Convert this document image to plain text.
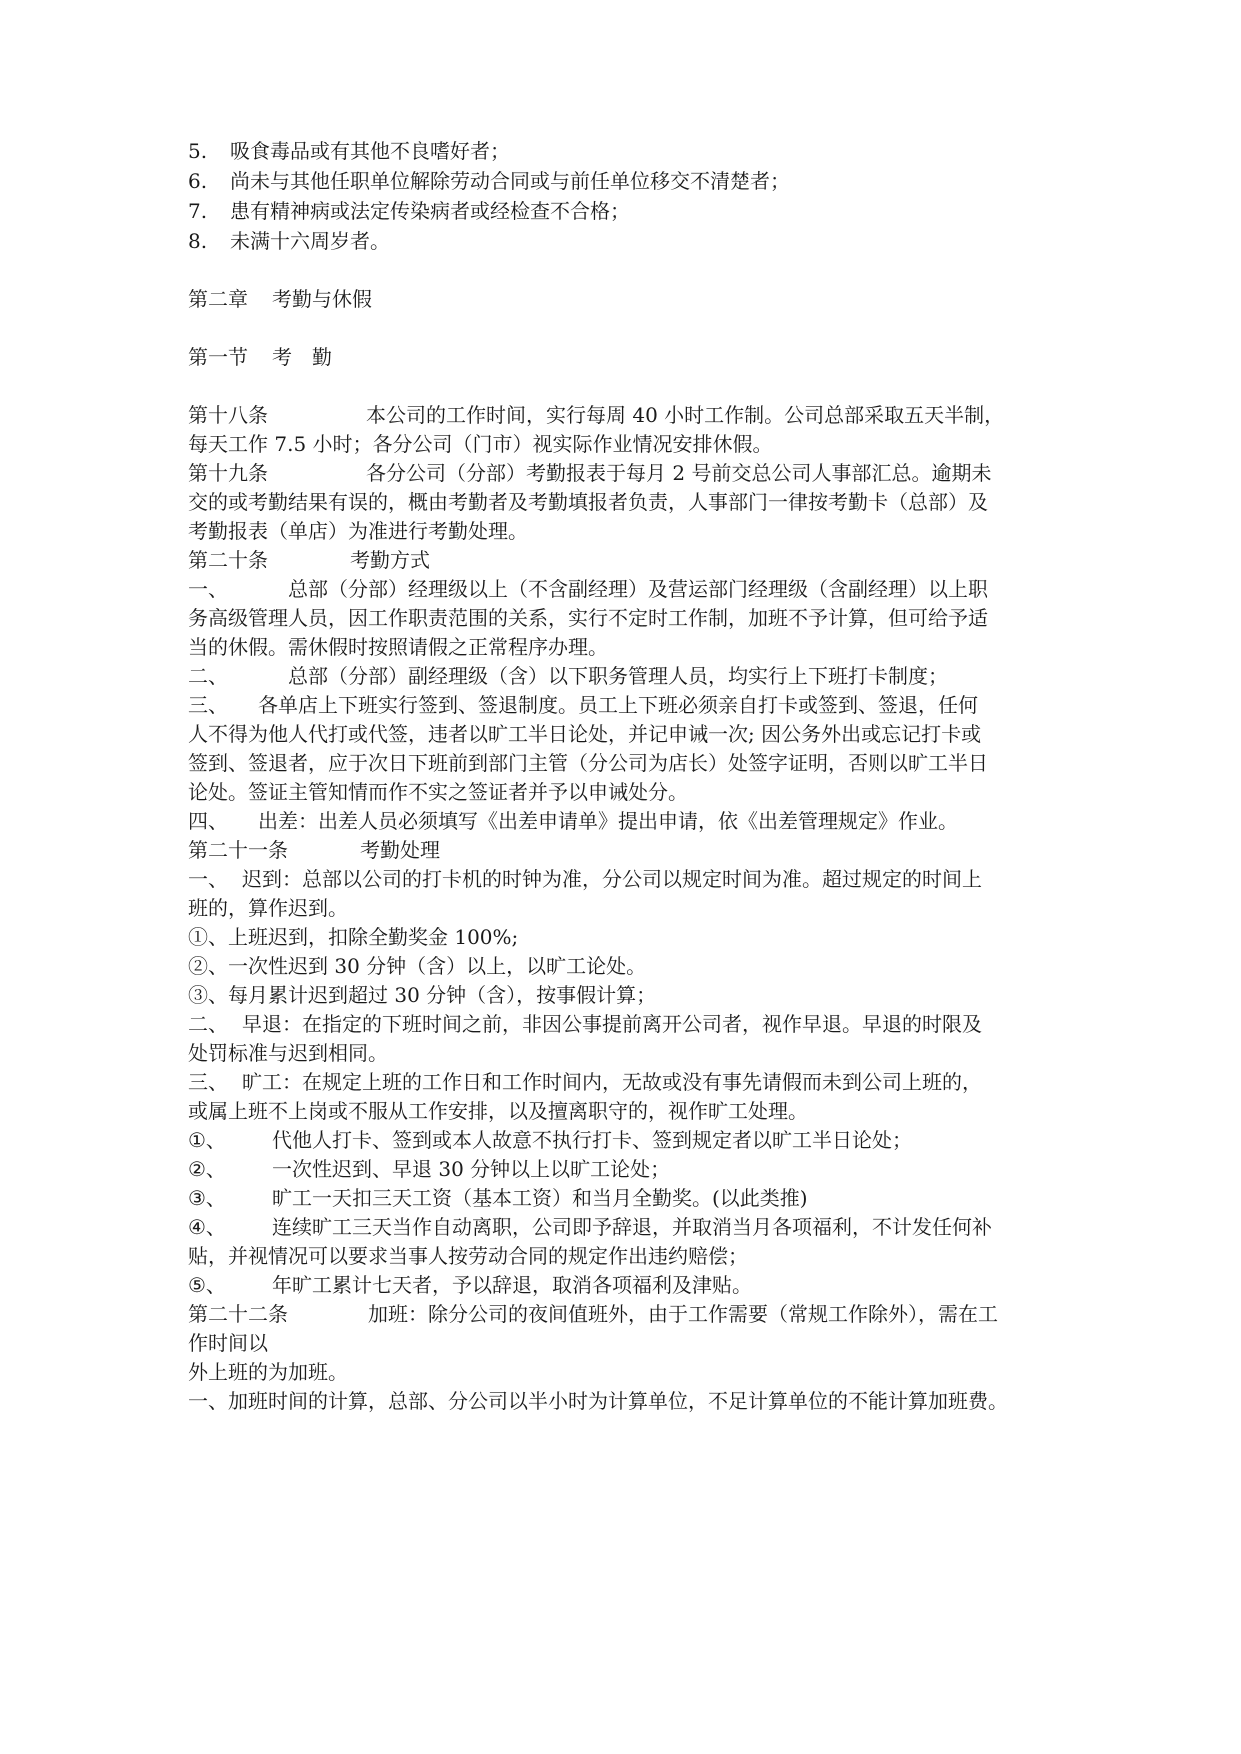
5. 吸食毒品或有其他不良嗜好者；
6. 尚未与其他任职单位解除劳动合同或与前任单位移交不清楚者；
7. 患有精神病或法定传染病者或经检查不合格；
8. 未满十六周岁者。
第二章 考勤与休假
第一节 考　勤
第十八条	本公司的工作时间，实行每周 40 小时工作制。公司总部采取五天半制，
每天工作 7.5 小时；各分公司（门市）视实际作业情况安排休假。
第十九条	各分公司（分部）考勤报表于每月 2 号前交总公司人事部汇总。逾期未
交的或考勤结果有误的，概由考勤者及考勤填报者负责，人事部门一律按考勤卡（总部）及
考勤报表（单店）为准进行考勤处理。
第二十条	考勤方式
一、	总部（分部）经理级以上（不含副经理）及营运部门经理级（含副经理）以上职
务高级管理人员，因工作职责范围的关系，实行不定时工作制，加班不予计算，但可给予适
当的休假。需休假时按照请假之正常程序办理。
二、	总部（分部）副经理级（含）以下职务管理人员，均实行上下班打卡制度；
三、 各单店上下班实行签到、签退制度。员工上下班必须亲自打卡或签到、签退，任何
人不得为他人代打或代签，违者以旷工半日论处，并记申诫一次; 因公务外出或忘记打卡或
签到、签退者，应于次日下班前到部门主管（分公司为店长）处签字证明，否则以旷工半日
论处。签证主管知情而作不实之签证者并予以申诫处分。
四、 出差：出差人员必须填写《出差申请单》提出申请，依《出差管理规定》作业。
第二十一条	考勤处理
一、 迟到：总部以公司的打卡机的时钟为准，分公司以规定时间为准。超过规定的时间上
班的，算作迟到。
①、上班迟到，扣除全勤奖金 100%;
②、一次性迟到 30 分钟（含）以上，以旷工论处。
③、每月累计迟到超过 30 分钟（含），按事假计算；
二、 早退：在指定的下班时间之前，非因公事提前离开公司者，视作早退。早退的时限及
处罚标准与迟到相同。
三、 旷工：在规定上班的工作日和工作时间内，无故或没有事先请假而未到公司上班的，
或属上班不上岗或不服从工作安排，以及擅离职守的，视作旷工处理。
①、 代他人打卡、签到或本人故意不执行打卡、签到规定者以旷工半日论处；
②、 一次性迟到、早退 30 分钟以上以旷工论处；
③、 旷工一天扣三天工资（基本工资）和当月全勤奖。(以此类推)
④、 连续旷工三天当作自动离职，公司即予辞退，并取消当月各项福利，不计发任何补
贴，并视情况可以要求当事人按劳动合同的规定作出违约赔偿；
⑤、 年旷工累计七天者，予以辞退，取消各项福利及津贴。
第二十二条	加班：除分公司的夜间值班外，由于工作需要（常规工作除外），需在工
作时间以
外上班的为加班。
一、加班时间的计算，总部、分公司以半小时为计算单位，不足计算单位的不能计算加班费。
